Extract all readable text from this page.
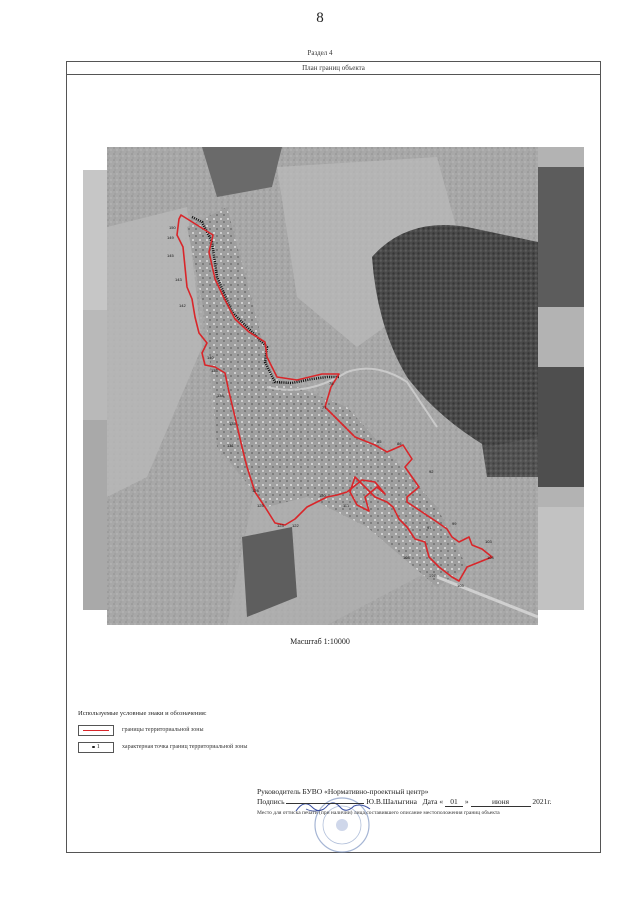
8
Раздел 4
План границ объекта
150
149
145
143
142
140
135
134
133
131
128
125
123 122
120
111
85	86
92
97
99
103
104
105
107
108
78
77
Масштаб 1:10000
Используемые условные знаки и обозначения:
границы территориальной зоны
1	характерная точка границ территориальной зоны
Руководитель БУВО «Нормативно-проектный центр»
Подпись	Ю.В.Шалыгина Дата « 01 »	июня	2021г.
Место для оттиска печати (при наличии) лица,составившего описание местоположения границ объекта
